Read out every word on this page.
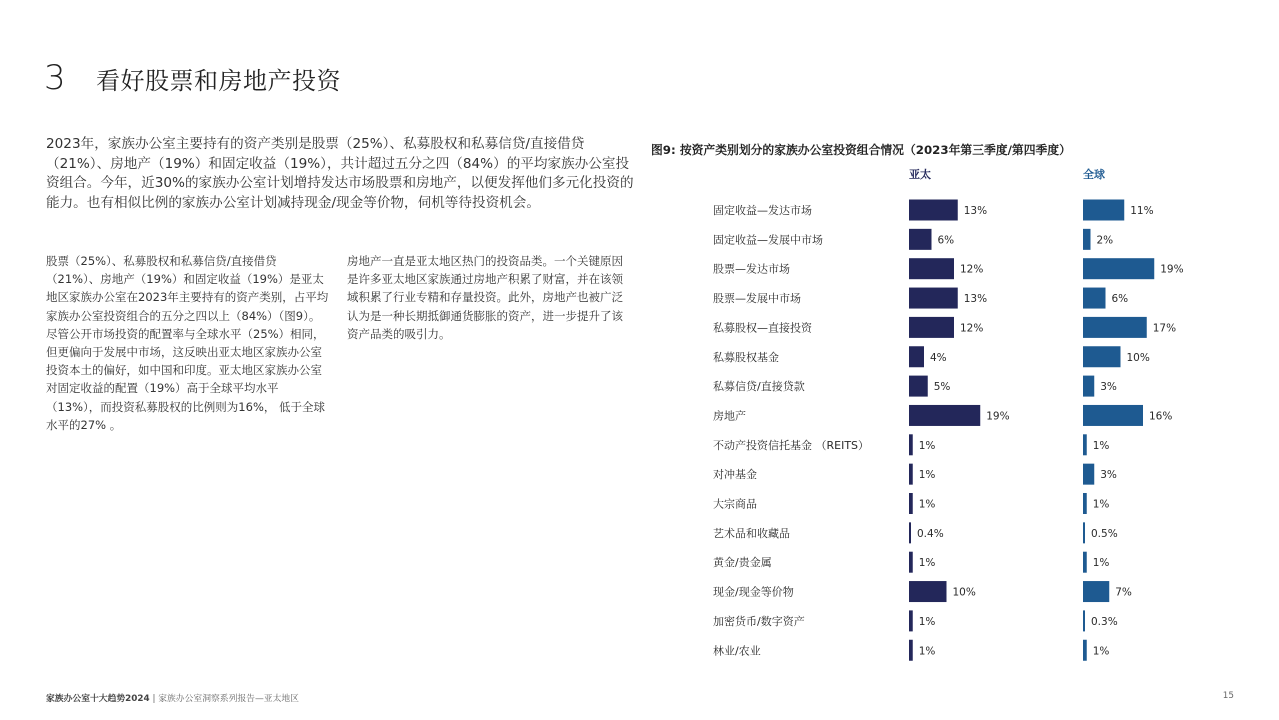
3	看好股票和房地产投资

2023年，家族办公室主要持有的资产类别是股票（25%）、私募股权和私募信贷/直接借贷（21%）、房地产（19%）和固定收益（19%），共计超过五分之四（84%）的平均家族办公室投资组合。今年，近30%的家族办公室计划增持发达市场股票和房地产，以便发挥他们多元化投资的能力。也有相似比例的家族办公室计划减持现金/现金等价物，伺机等待投资机会。

股票（25%）、私募股权和私募信贷/直接借贷（21%）、房地产（19%）和固定收益（19%）是亚太地区家族办公室在2023年主要持有的资产类别，占平均家族办公室投资组合的五分之四以上（84%）（图9）。尽管公开市场投资的配置率与全球水平（25%）相同，但更偏向于发展中市场，这反映出亚太地区家族办公室投资本土的偏好，如中国和印度。亚太地区家族办公室对固定收益的配置（19%）高于全球平均水平（13%），而投资私募股权的比例则为16%， 低于全球水平的27% 。

房地产一直是亚太地区热门的投资品类。一个关键原因是许多亚太地区家族通过房地产积累了财富，并在该领域积累了行业专精和存量投资。此外，房地产也被广泛认为是一种长期抵御通货膨胀的资产，进一步提升了该资产品类的吸引力。

图9: 按资产类别划分的家族办公室投资组合情况（2023年第三季度/第四季度）
亚太	全球
固定收益—发达市场	13%	11%
固定收益—发展中市场	6%	2%
股票—发达市场	12%	19%
股票—发展中市场	13%	6%
私募股权—直接投资	12%	17%
私募股权基金	4%	10%
私募信贷/直接贷款	5%	3%
房地产	19%	16%
不动产投资信托基金 （REITS）	1%	1%
对冲基金	1%	3%
大宗商品	1%	1%
艺术品和收藏品	0.4%	0.5%
黄金/贵金属	1%	1%
现金/现金等价物	10%	7%
加密货币/数字资产	1%	0.3%
林业/农业	1%	1%
家族办公室十大趋势2024 | 家族办公室洞察系列报告—亚太地区	15
